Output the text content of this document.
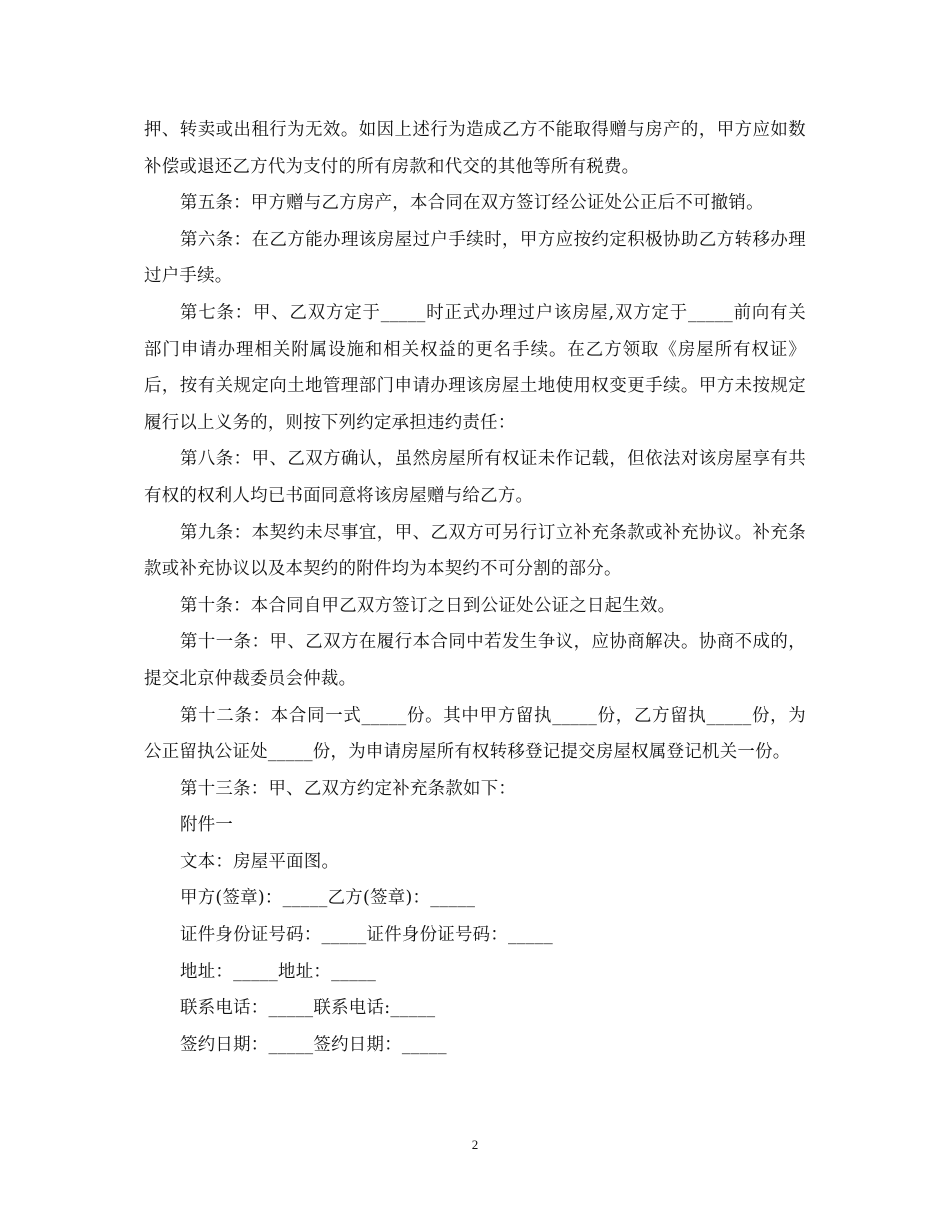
押、转卖或出租行为无效。如因上述行为造成乙方不能取得赠与房产的，甲方应如数补偿或退还乙方代为支付的所有房款和代交的其他等所有税费。

第五条：甲方赠与乙方房产，本合同在双方签订经公证处公正后不可撤销。

第六条：在乙方能办理该房屋过户手续时，甲方应按约定积极协助乙方转移办理过户手续。

第七条：甲、乙双方定于_____时正式办理过户该房屋,双方定于_____前向有关部门申请办理相关附属设施和相关权益的更名手续。在乙方领取《房屋所有权证》后，按有关规定向土地管理部门申请办理该房屋土地使用权变更手续。甲方未按规定履行以上义务的，则按下列约定承担违约责任：

第八条：甲、乙双方确认，虽然房屋所有权证未作记载，但依法对该房屋享有共有权的权利人均已书面同意将该房屋赠与给乙方。

第九条：本契约未尽事宜，甲、乙双方可另行订立补充条款或补充协议。补充条款或补充协议以及本契约的附件均为本契约不可分割的部分。

第十条：本合同自甲乙双方签订之日到公证处公证之日起生效。

第十一条：甲、乙双方在履行本合同中若发生争议，应协商解决。协商不成的，提交北京仲裁委员会仲裁。

第十二条：本合同一式_____份。其中甲方留执_____份，乙方留执_____份，为公正留执公证处_____份，为申请房屋所有权转移登记提交房屋权属登记机关一份。

第十三条：甲、乙双方约定补充条款如下：

附件一

文本：房屋平面图。

甲方(签章)：_____乙方(签章)：_____

证件身份证号码：_____证件身份证号码：_____

地址：_____地址：_____

联系电话：_____联系电话:_____

签约日期：_____签约日期：_____

2
